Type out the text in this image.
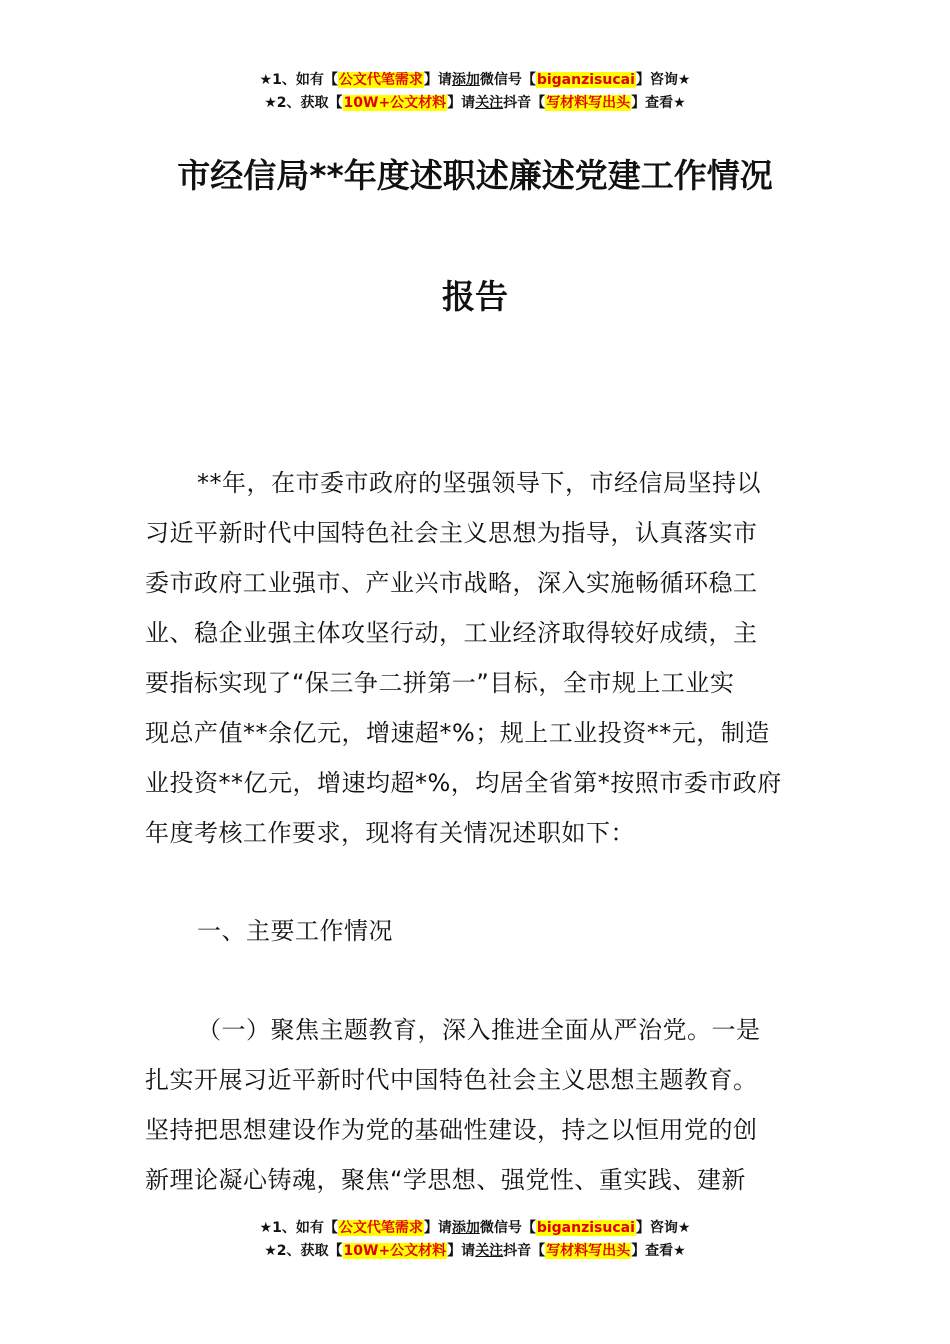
★1、如有【公文代笔需求】请添加微信号【biganzisucai】咨询★
★2、获取【10W+公文材料】请关注抖音【写材料写出头】查看★
市经信局**年度述职述廉述党建工作情况
报告
**年，在市委市政府的坚强领导下，市经信局坚持以
习近平新时代中国特色社会主义思想为指导，认真落实市
委市政府工业强市、产业兴市战略，深入实施畅循环稳工
业、稳企业强主体攻坚行动，工业经济取得较好成绩，主
要指标实现了“保三争二拼第一”目标，全市规上工业实
现总产值**余亿元，增速超*%；规上工业投资**元，制造
业投资**亿元，增速均超*%，均居全省第*按照市委市政府
年度考核工作要求，现将有关情况述职如下：
一、主要工作情况
（一）聚焦主题教育，深入推进全面从严治党。一是
扎实开展习近平新时代中国特色社会主义思想主题教育。
坚持把思想建设作为党的基础性建设，持之以恒用党的创
新理论凝心铸魂，聚焦“学思想、强党性、重实践、建新
★1、如有【公文代笔需求】请添加微信号【biganzisucai】咨询★
★2、获取【10W+公文材料】请关注抖音【写材料写出头】查看★
